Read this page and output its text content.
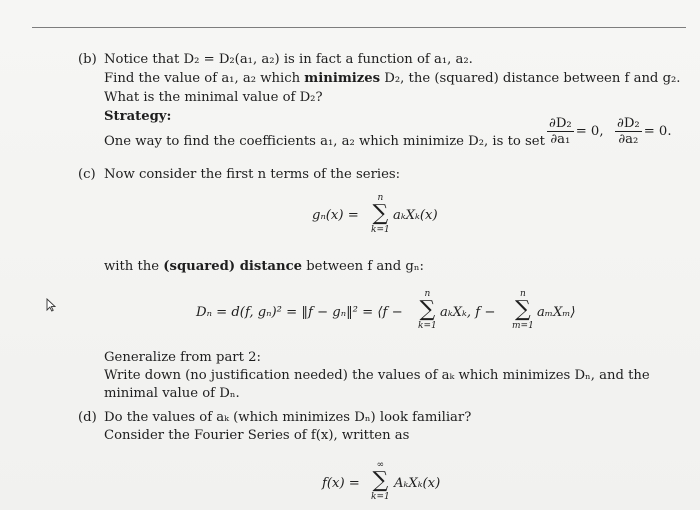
(b) Notice that D₂ = D₂(a₁, a₂) is in fact a function of a₁, a₂.
Find the value of a₁, a₂ which minimizes D₂, the (squared) distance between f and g₂.
What is the minimal value of D₂?
Strategy:
One way to find the coefficients a₁, a₂ which minimize D₂, is to set $\frac{\text{∂D₂}}{\text{∂a₁}} = 0$, $\frac{\text{∂D₂}}{\text{∂a₂}} = 0$.
(c) Now consider the first n terms of the series:
gₙ(x) =
n
∑
k=1
aₖXₖ(x)
with the (squared) distance between f and gₙ:
Dₙ = d(f, gₙ)² = ‖f − gₙ‖² = ⟨f −
n
∑
k=1
aₖXₖ, f −
n
∑
m=1
aₘXₘ⟩
Generalize from part 2:
Write down (no justification needed) the values of aₖ which minimizes Dₙ, and the
minimal value of Dₙ.
(d) Do the values of aₖ (which minimizes Dₙ) look familiar?
Consider the Fourier Series of f(x), written as
f(x) =
∞
∑
k=1
AₖXₖ(x)
